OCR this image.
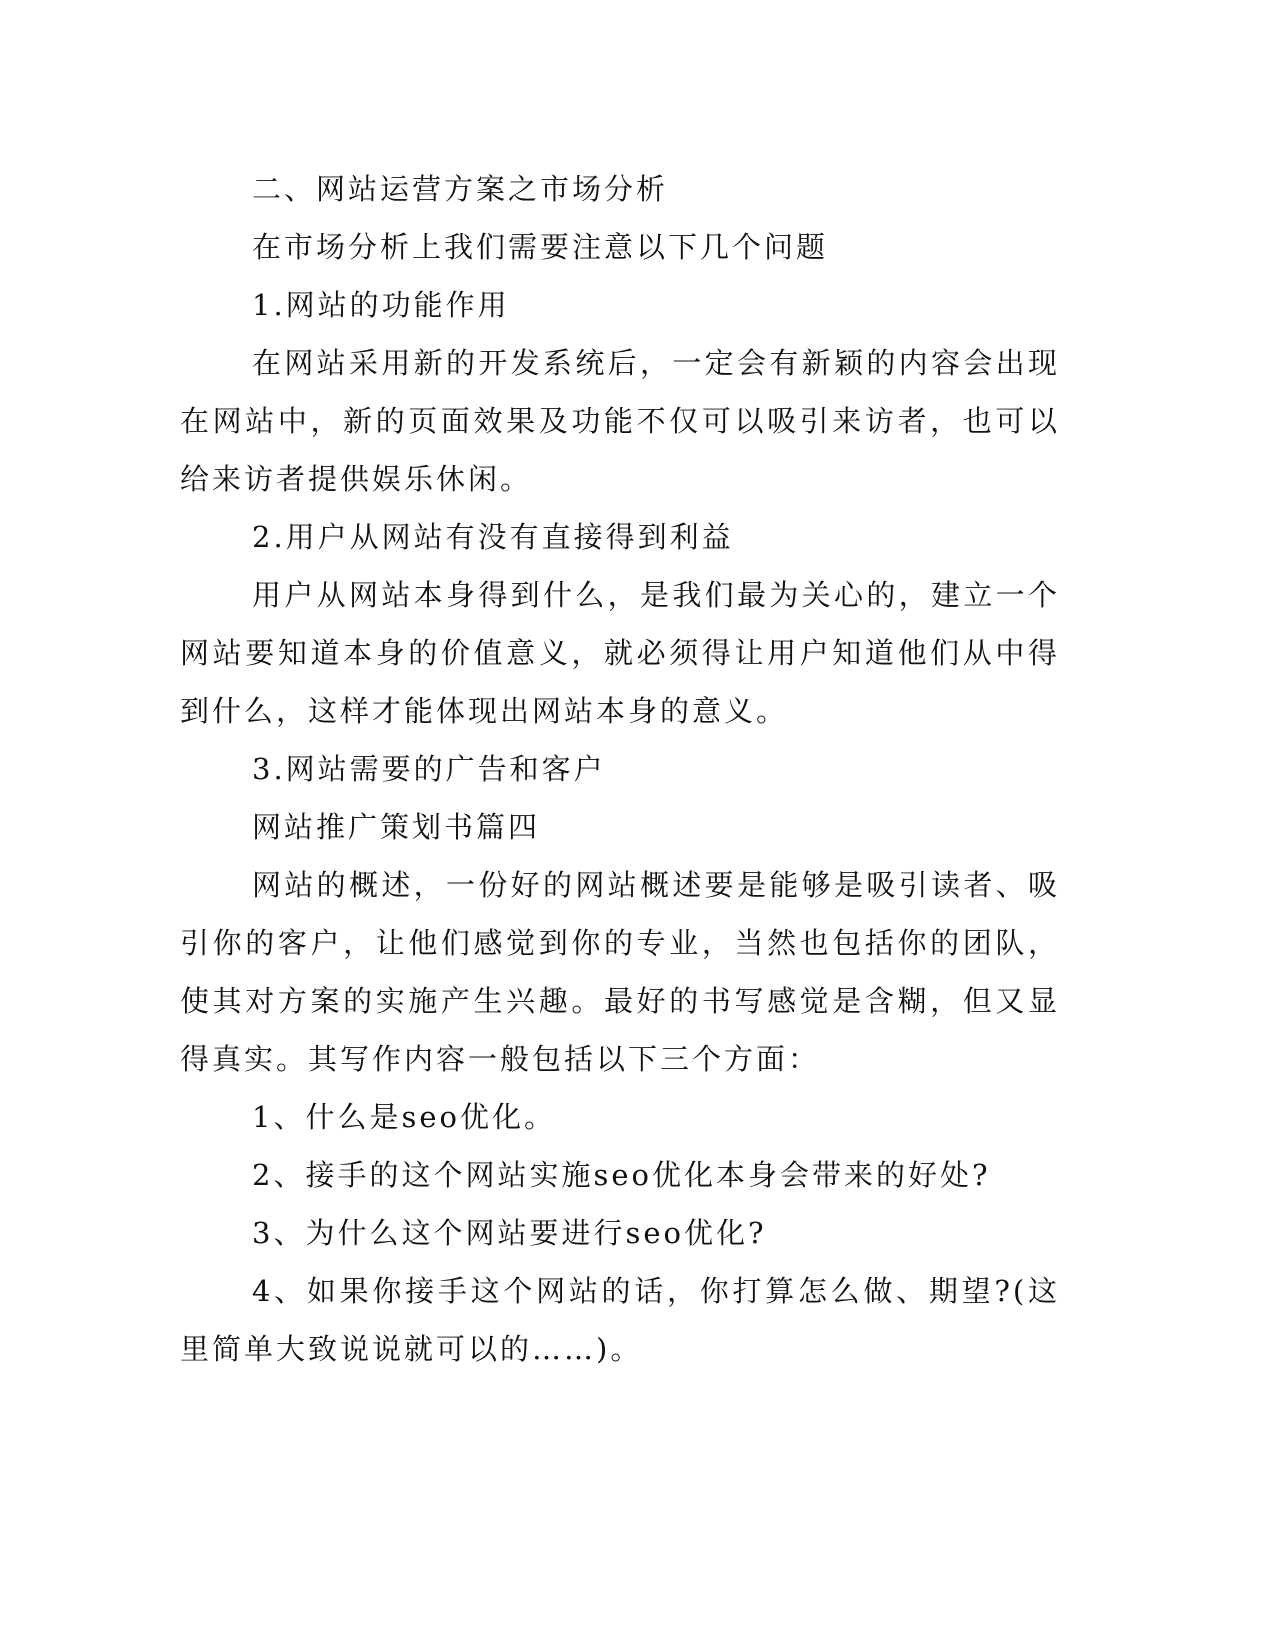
二、网站运营方案之市场分析

在市场分析上我们需要注意以下几个问题

1.网站的功能作用

在网站采用新的开发系统后，一定会有新颖的内容会出现在网站中，新的页面效果及功能不仅可以吸引来访者，也可以给来访者提供娱乐休闲。

2.用户从网站有没有直接得到利益

用户从网站本身得到什么，是我们最为关心的，建立一个网站要知道本身的价值意义，就必须得让用户知道他们从中得到什么，这样才能体现出网站本身的意义。

3.网站需要的广告和客户

网站推广策划书篇四

网站的概述，一份好的网站概述要是能够是吸引读者、吸引你的客户，让他们感觉到你的专业，当然也包括你的团队，使其对方案的实施产生兴趣。最好的书写感觉是含糊，但又显得真实。其写作内容一般包括以下三个方面：

1、什么是seo优化。

2、接手的这个网站实施seo优化本身会带来的好处?

3、为什么这个网站要进行seo优化?

4、如果你接手这个网站的话，你打算怎么做、期望?(这里简单大致说说就可以的……)。
